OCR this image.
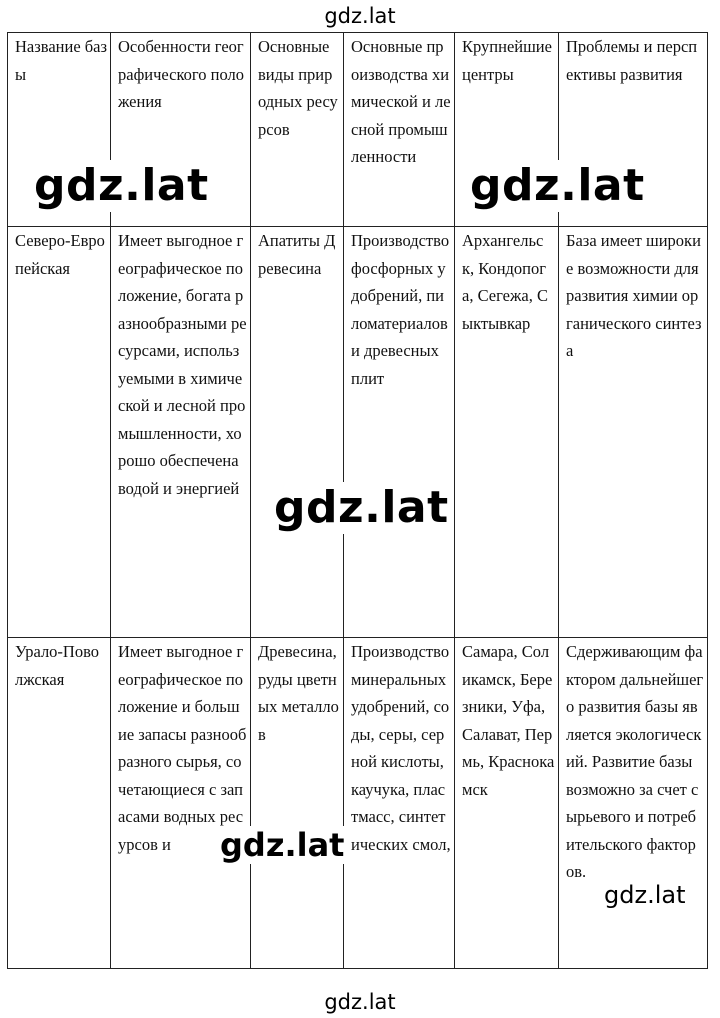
gdz.lat
Название базы	Особенности географического положения	Основные виды природных ресурсов	Основные производства химической и лесной промышленности	Крупнейшие центры	Проблемы и перспективы развития

Северо-Европейская	Имеет выгодное географическое положение, богата разнообразными ресурсами, используемыми в химической и лесной промышленности, хорошо обеспечена водой и энергией	Апатиты Древесина	Производство фосфорных удобрений, пиломатериалов и древесных плит	Архангельск, Кондопога, Сегежа, Сыктывкар	База имеет широкие возможности для развития химии органического синтеза

Урало-Поволжская	Имеет выгодное географическое положение и большие запасы разнообразного сырья, сочетающиеся с запасами водных ресурсов и	Древесина, руды цветных металлов	Производство минеральных удобрений, соды, серы, серной кислоты, каучука, пластмасс, синтетических смол,	Самара, Соликамск, Березники, Уфа, Салават, Пермь, Краснокамск	Сдерживающим фактором дальнейшего развития базы является экологический. Развитие базы возможно за счет сырьевого и потребительского факторов.
gdz.lat	gdz.lat
gdz.lat
gdz.lat
gdz.lat
gdz.lat
